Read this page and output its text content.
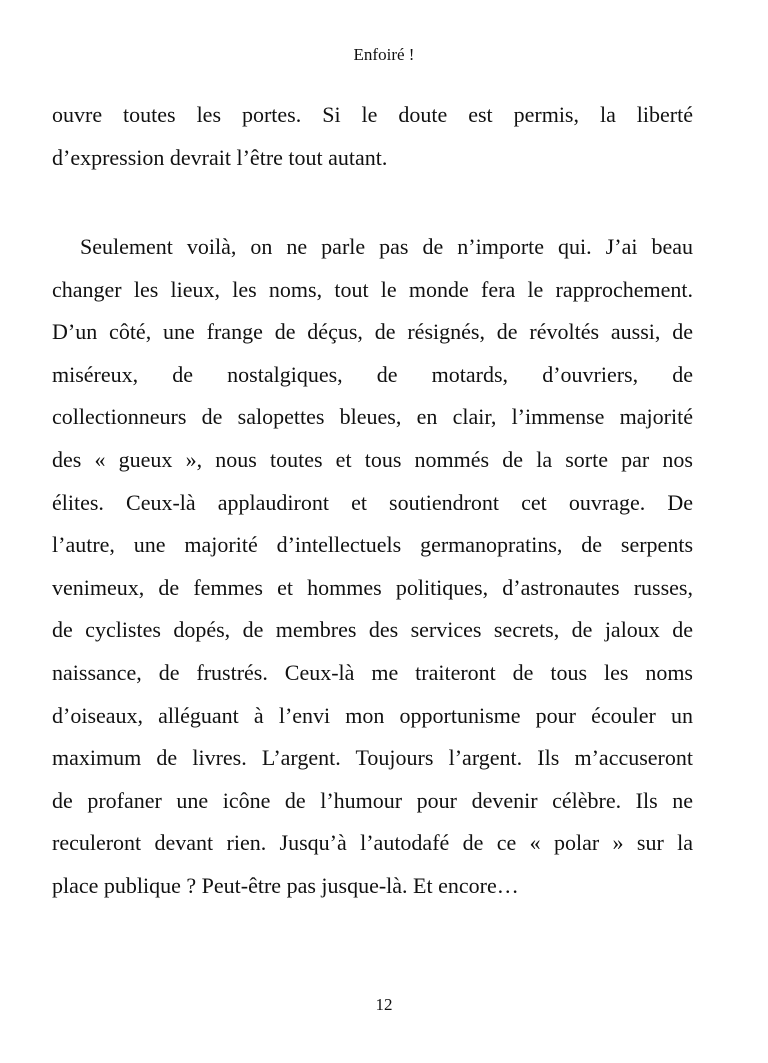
Enfoiré !
ouvre toutes les portes. Si le doute est permis, la liberté
d’expression devrait l’être tout autant.
Seulement voilà, on ne parle pas de n’importe qui. J’ai beau
changer les lieux, les noms, tout le monde fera le rapprochement.
D’un côté, une frange de déçus, de résignés, de révoltés aussi, de
miséreux, de nostalgiques, de motards, d’ouvriers, de
collectionneurs de salopettes bleues, en clair, l’immense majorité
des « gueux », nous toutes et tous nommés de la sorte par nos
élites. Ceux-là applaudiront et soutiendront cet ouvrage. De
l’autre, une majorité d’intellectuels germanopratins, de serpents
venimeux, de femmes et hommes politiques, d’astronautes russes,
de cyclistes dopés, de membres des services secrets, de jaloux de
naissance, de frustrés. Ceux-là me traiteront de tous les noms
d’oiseaux, alléguant à l’envi mon opportunisme pour écouler un
maximum de livres. L’argent. Toujours l’argent. Ils m’accuseront
de profaner une icône de l’humour pour devenir célèbre. Ils ne
reculeront devant rien. Jusqu’à l’autodafé de ce « polar » sur la
place publique ? Peut-être pas jusque-là. Et encore…
12
